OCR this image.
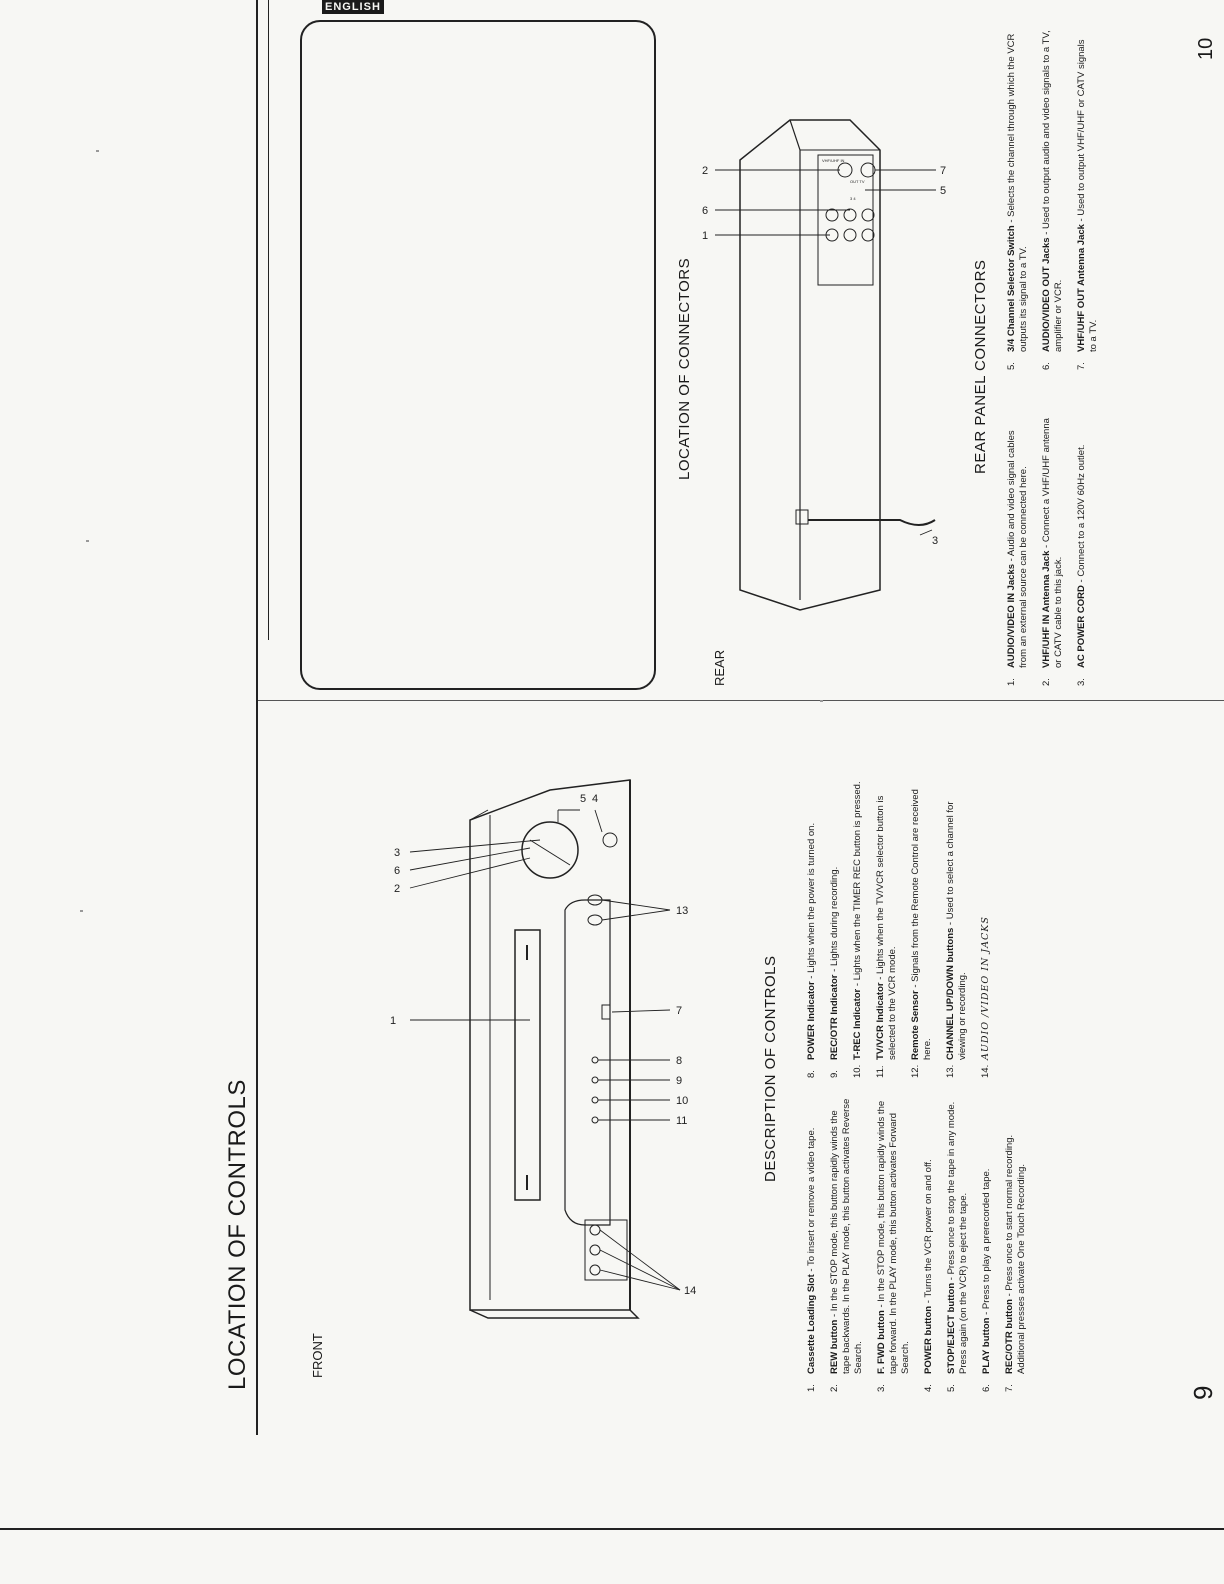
ENGLISH
9
10
LOCATION OF CONTROLS	FRONT
DESCRIPTION OF CONTROLS
LOCATION OF CONNECTORS
REAR
REAR PANEL CONNECTORS
1
2
6
3
5 4
13
7
8
9
10
11
14
VHF/UHF IN
3 4
OUT TV
1
6
2
3
5
7
1.
Cassette Loading Slot - To insert or remove a video tape.
2.
REW button - In the STOP mode, this button rapidly winds the tape backwards. In the PLAY mode, this button activates Reverse Search.
3.
F. FWD button - In the STOP mode, this button rapidly winds the tape forward. In the PLAY mode, this button activates Forward Search.
4.
POWER button - Turns the VCR power on and off.
5.
STOP/EJECT button - Press once to stop the tape in any mode. Press again (on the VCR) to eject the tape.
6.
PLAY button - Press to play a prerecorded tape.
7.
REC/OTR button - Press once to start normal recording. Additional presses activate One Touch Recording.
8.
POWER Indicator - Lights when the power is turned on.
9.
REC/OTR Indicator - Lights during recording.
10.
T-REC Indicator - Lights when the TIMER REC button is pressed.
11.
TV/VCR Indicator - Lights when the TV/VCR selector button is selected to the VCR mode.
12.
Remote Sensor - Signals from the Remote Control are received here.
13.
CHANNEL UP/DOWN buttons - Used to select a channel for viewing or recording.
14.
AUDIO /VIDEO IN JACKS
1.
AUDIO/VIDEO IN Jacks - Audio and video signal cables from an external source can be connected here.
2.
VHF/UHF IN Antenna Jack - Connect a VHF/UHF antenna or CATV cable to this jack.
3.
AC POWER CORD - Connect to a 120V 60Hz outlet.
5.
3/4 Channel Selector Switch - Selects the channel through which the VCR outputs its signal to a TV.
6.
AUDIO/VIDEO OUT Jacks - Used to output audio and video signals to a TV, amplifier or VCR.
7.
VHF/UHF OUT Antenna Jack - Used to output VHF/UHF or CATV signals to a TV.
